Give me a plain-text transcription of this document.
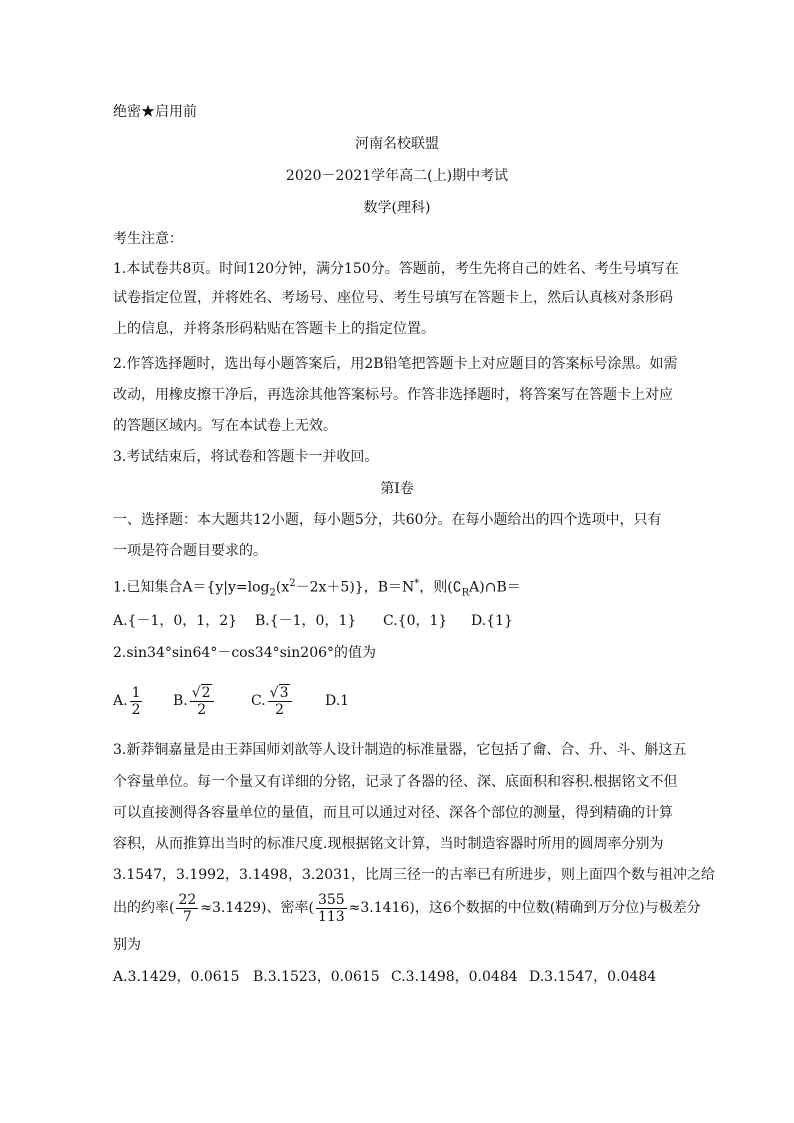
绝密★启用前
河南名校联盟
2020－2021学年高二(上)期中考试
数学(理科)
考生注意：
1.本试卷共8页。时间120分钟，满分150分。答题前，考生先将自己的姓名、考生号填写在
试卷指定位置，并将姓名、考场号、座位号、考生号填写在答题卡上，然后认真核对条形码
上的信息，并将条形码粘贴在答题卡上的指定位置。
2.作答选择题时，选出每小题答案后，用2B铅笔把答题卡上对应题目的答案标号涂黑。如需
改动，用橡皮擦干净后，再选涂其他答案标号。作答非选择题时，将答案写在答题卡上对应
的答题区域内。写在本试卷上无效。
3.考试结束后，将试卷和答题卡一并收回。
第Ⅰ卷
一、选择题：本大题共12小题，每小题5分，共60分。在每小题给出的四个选项中，只有
一项是符合题目要求的。
1.已知集合$A=\{y|y=\log_2(x^2-2x+5)\}$，B＝N*，则$(∁_RA)\cap B=$
A.{－1，0，1，2} B.{－1，0，1} C.{0，1} D.{1}
2.sin34°sin64°－cos34°sin206°的值为
A. $\frac{1}{2} B$. $\frac{√2}{2}$	C. $\frac{√3}{2} D.1$
3.新莽铜嘉量是由王莽国师刘歆等人设计制造的标准量器，它包括了龠、合、升、斗、斛这五
个容量单位。每一个量又有详细的分铭，记录了各器的径、深、底面积和容积.根据铭文不但
可以直接测得各容量单位的量值，而且可以通过对径、深各个部位的测量，得到精确的计算
容积，从而推算出当时的标准尺度.现根据铭文计算，当时制造容器时所用的圆周率分别为
3.1547，3.1992，3.1498，3.2031，比周三径一的古率已有所进步，则上面四个数与祖冲之给
出的约率( $\frac{22}{7} \approx 3.1429$)、密率( $\frac{355}{113} \approx 3.1416$)，这6个数据的中位数(精确到万分位)与极差分
别为
A.3.1429，0.0615 B.3.1523，0.0615 C.3.1498，0.0484 D.3.1547，0.0484
